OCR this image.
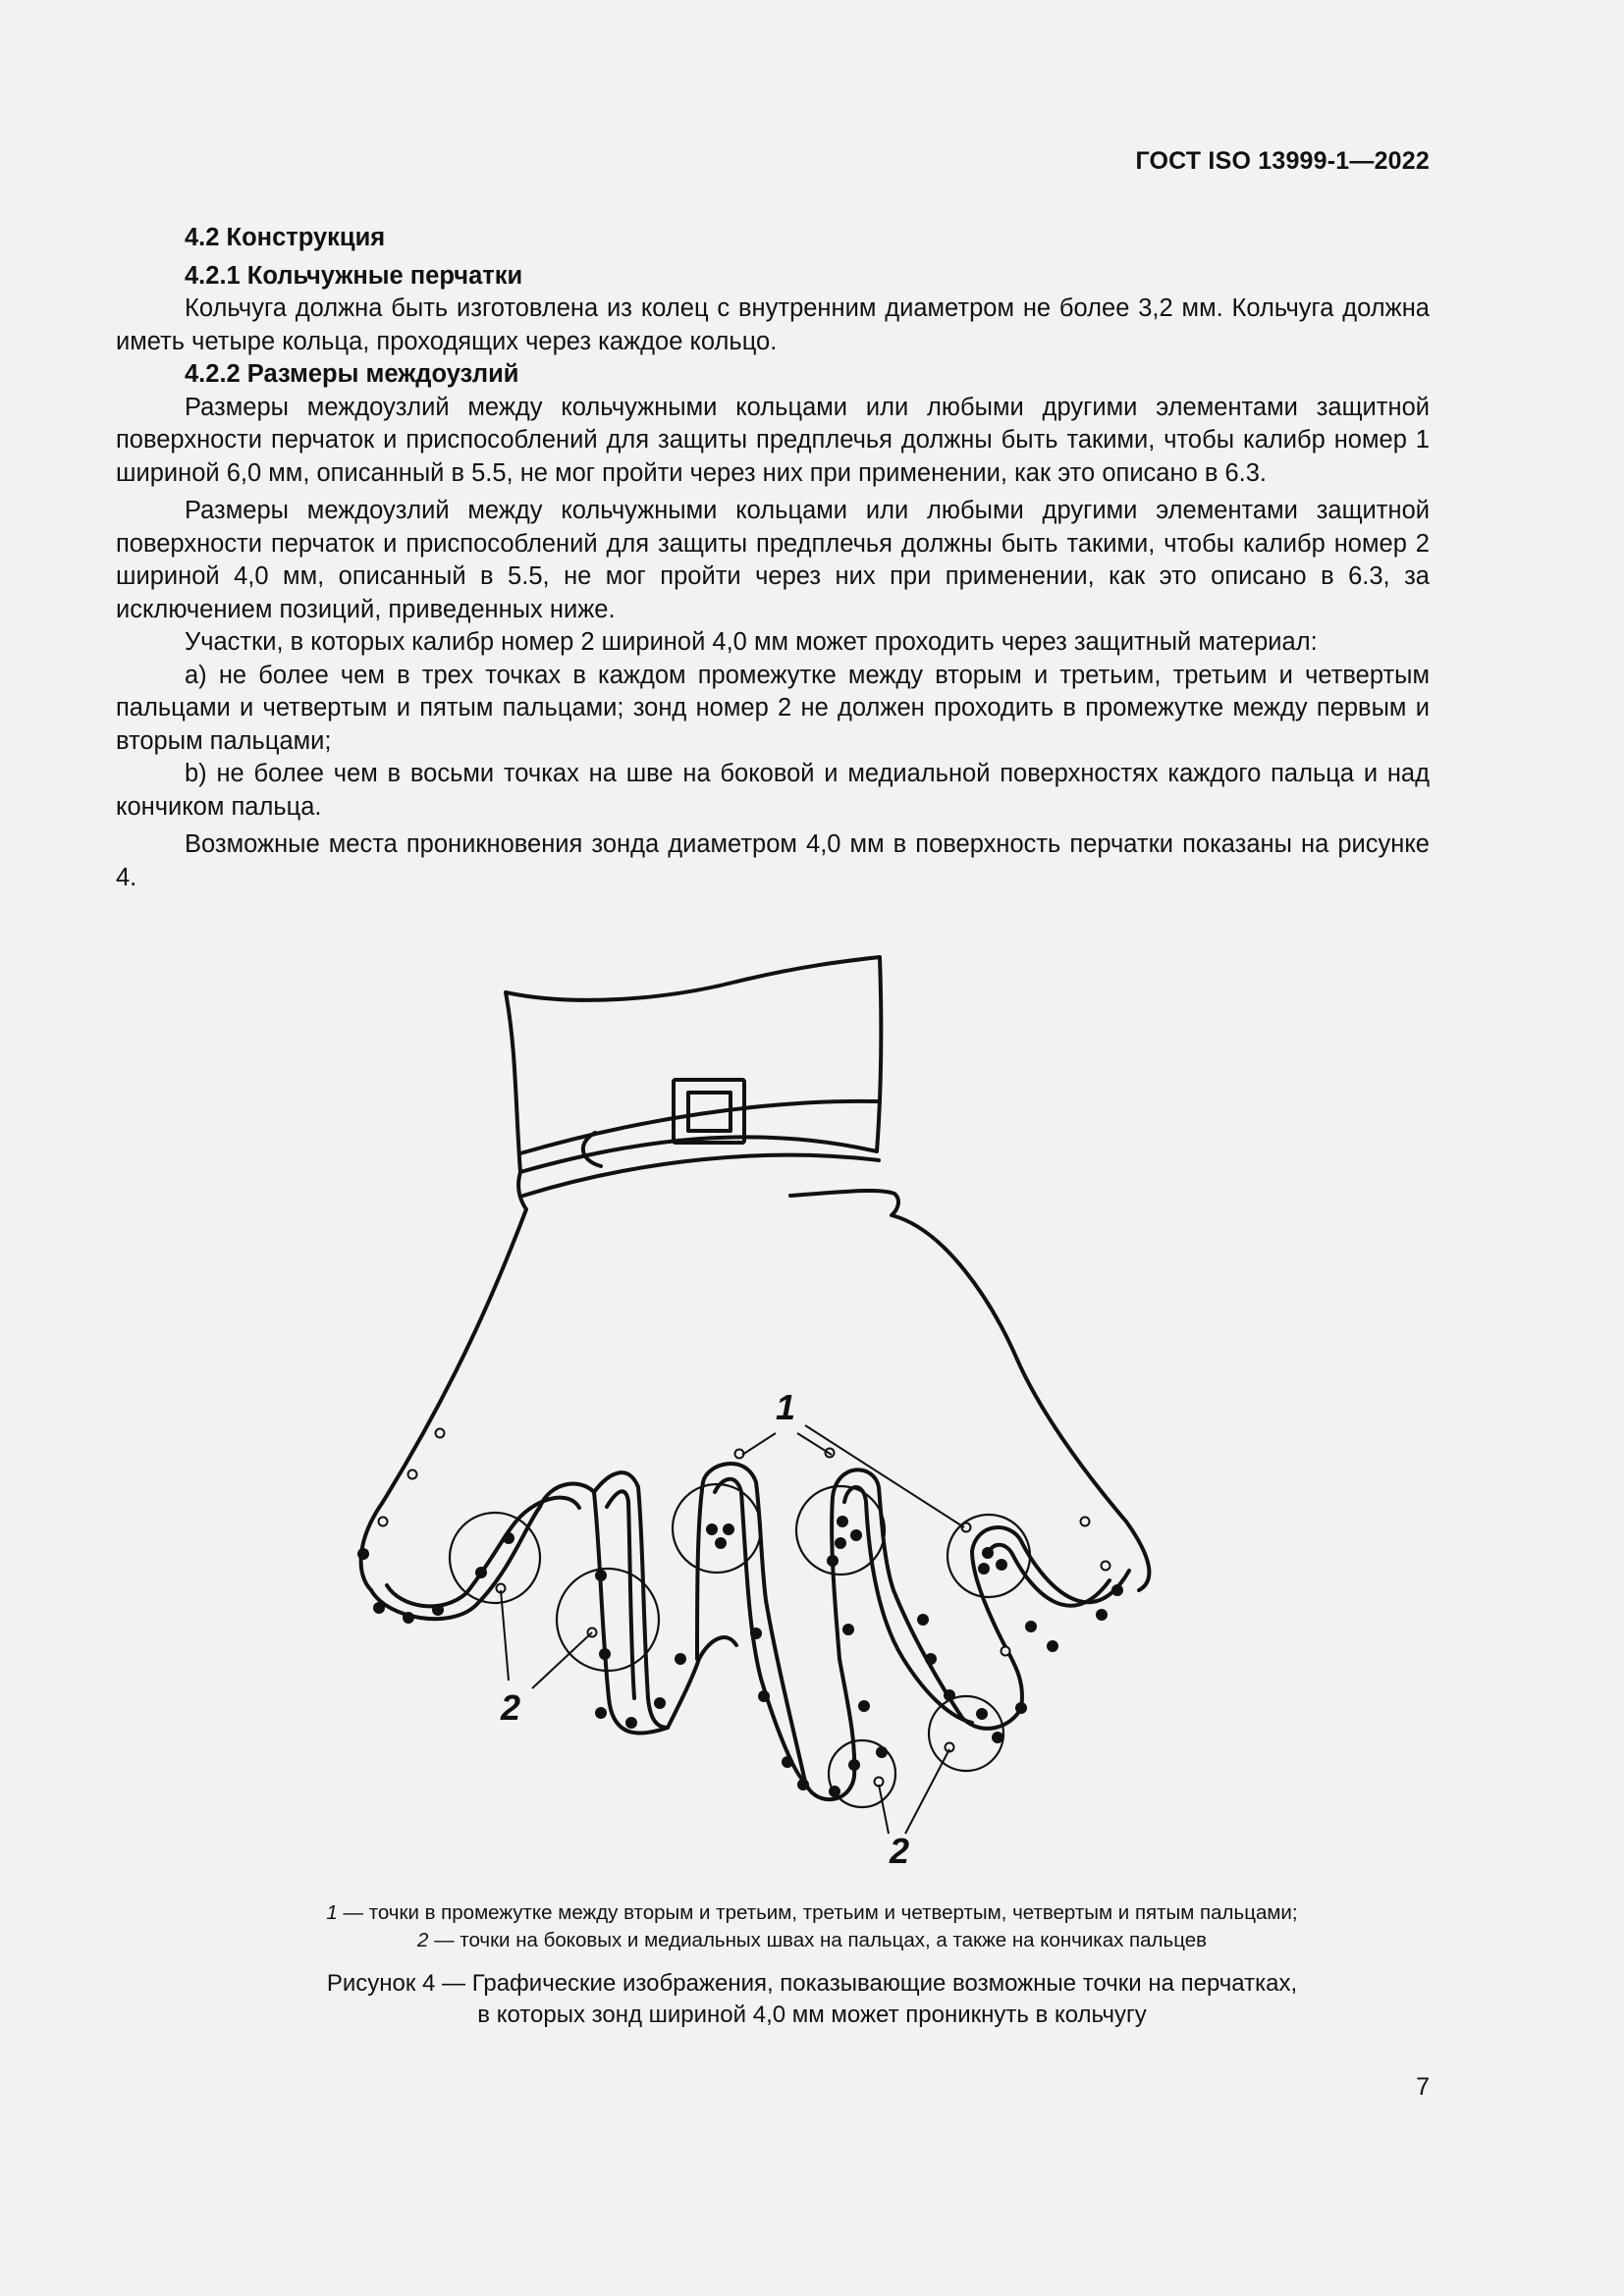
ГОСТ ISO 13999-1—2022
4.2 Конструкция
4.2.1 Кольчужные перчатки

Кольчуга должна быть изготовлена из колец с внутренним диаметром не более 3,2 мм. Кольчуга должна иметь четыре кольца, проходящих через каждое кольцо.

4.2.2 Размеры междоузлий

Размеры междоузлий между кольчужными кольцами или любыми другими элементами защитной поверхности перчаток и приспособлений для защиты предплечья должны быть такими, чтобы калибр номер 1 шириной 6,0 мм, описанный в 5.5, не мог пройти через них при применении, как это описано в 6.3.

Размеры междоузлий между кольчужными кольцами или любыми другими элементами защитной поверхности перчаток и приспособлений для защиты предплечья должны быть такими, чтобы калибр номер 2 шириной 4,0 мм, описанный в 5.5, не мог пройти через них при применении, как это описано в 6.3, за исключением позиций, приведенных ниже.

Участки, в которых калибр номер 2 шириной 4,0 мм может проходить через защитный материал:

a) не более чем в трех точках в каждом промежутке между вторым и третьим, третьим и четвертым пальцами и четвертым и пятым пальцами; зонд номер 2 не должен проходить в промежутке между первым и вторым пальцами;

b) не более чем в восьми точках на шве на боковой и медиальной поверхностях каждого пальца и над кончиком пальца.

Возможные места проникновения зонда диаметром 4,0 мм в поверхность перчатки показаны на рисунке 4.

1
2
2
1 — точки в промежутке между вторым и третьим, третьим и четвертым, четвертым и пятым пальцами;
2 — точки на боковых и медиальных швах на пальцах, а также на кончиках пальцев
Рисунок 4 — Графические изображения, показывающие возможные точки на перчатках,
в которых зонд шириной 4,0 мм может проникнуть в кольчугу
7
